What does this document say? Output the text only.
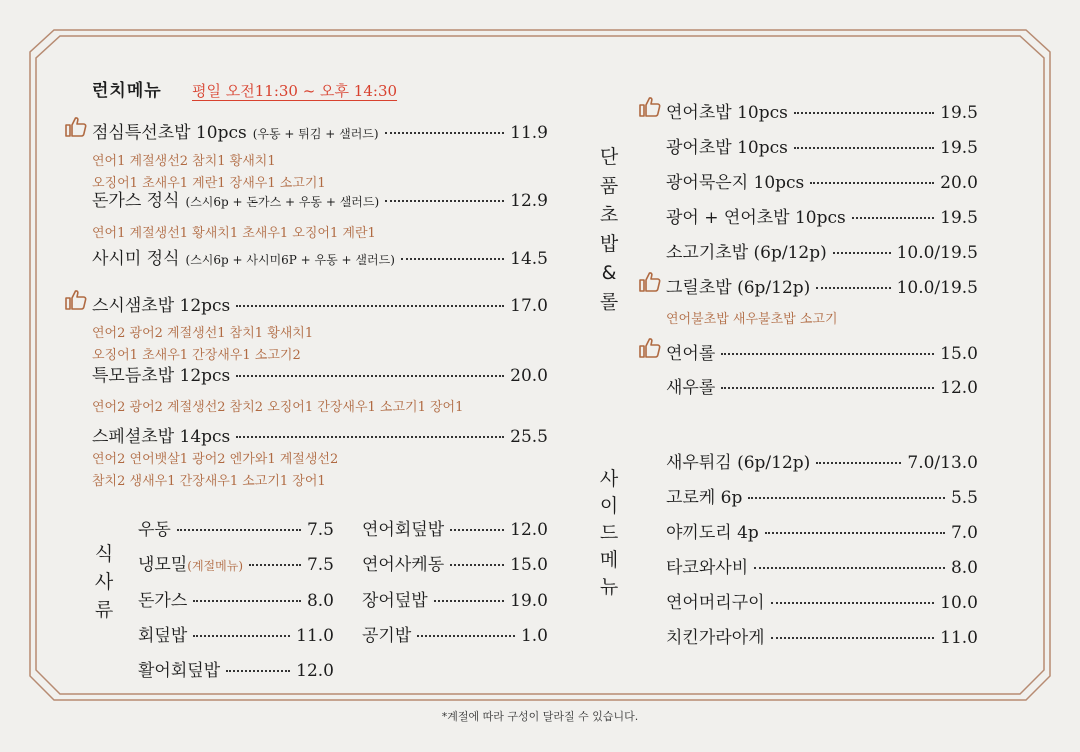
런치메뉴 평일 오전11:30 ~ 오후 14:30
점심특선초밥 10pcs (우동 + 튀김 + 샐러드)	11.9
연어1 계절생선2 참치1 황새치1
오징어1 초새우1 계란1 장새우1 소고기1
돈가스 정식 (스시6p + 돈가스 + 우동 + 샐러드)	12.9
연어1 계절생선1 황새치1 초새우1 오징어1 계란1
사시미 정식 (스시6p + 사시미6P + 우동 + 샐러드)	14.5
스시샘초밥 12pcs	17.0
연어2 광어2 계절생선1 참치1 황새치1
오징어1 초새우1 간장새우1 소고기2
특모듬초밥 12pcs	20.0
연어2 광어2 계절생선2 참치2 오징어1 간장새우1 소고기1 장어1
스페셜초밥 14pcs	25.5
연어2 연어뱃살1 광어2 엔가와1 계절생선2
참치2 생새우1 간장새우1 소고기1 장어1
식사류
우동	7.5
냉모밀 (계절메뉴)	7.5
돈가스	8.0
회덮밥	11.0
활어회덮밥	12.0
연어회덮밥	12.0
연어사케동	15.0
장어덮밥	19.0
공기밥	1.0
단품초밥&롤
연어초밥 10pcs	19.5
광어초밥 10pcs	19.5
광어묵은지 10pcs	20.0
광어 + 연어초밥 10pcs	19.5
소고기초밥 (6p/12p)	10.0/19.5
그릴초밥 (6p/12p)	10.0/19.5
연어불초밥 새우불초밥 소고기
연어롤	15.0
새우롤	12.0
사이드메뉴
새우튀김 (6p/12p)	7.0/13.0
고로케 6p	5.5
야끼도리 4p	7.0
타코와사비	8.0
연어머리구이	10.0
치킨가라아게	11.0
*계절에 따라 구성이 달라질 수 있습니다.
